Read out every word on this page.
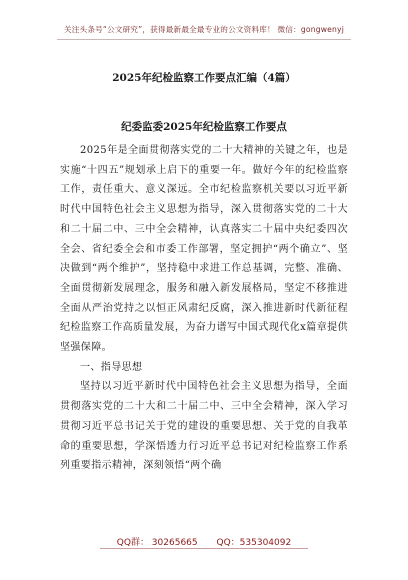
关注头条号“公文研究”，获得最新最全最专业的公文资料库！ 微信：gongwenyj
2025年纪检监察工作要点汇编（4篇）
纪委监委2025年纪检监察工作要点

2025年是全面贯彻落实党的二十大精神的关键之年，也是实施“十四五”规划承上启下的重要一年。做好今年的纪检监察工作，责任重大、意义深远。全市纪检监察机关要以习近平新时代中国特色社会主义思想为指导，深入贯彻落实党的二十大和二十届二中、三中全会精神，认真落实二十届中央纪委四次全会、省纪委全会和市委工作部署，坚定拥护“两个确立”、坚决做到“两个维护”，坚持稳中求进工作总基调，完整、准确、全面贯彻新发展理念，服务和融入新发展格局，坚定不移推进全面从严治党持之以恒正风肃纪反腐，深入推进新时代新征程纪检监察工作高质量发展，为奋力谱写中国式现代化x篇章提供坚强保障。

一、指导思想

坚持以习近平新时代中国特色社会主义思想为指导，全面贯彻落实党的二十大和二十届二中、三中全会精神，深入学习贯彻习近平总书记关于党的建设的重要思想、关于党的自我革命的重要思想，学深悟透力行习近平总书记对纪检监察工作系列重要指示精神，深刻领悟“两个确

QQ群： 30265665 QQ：535304092
